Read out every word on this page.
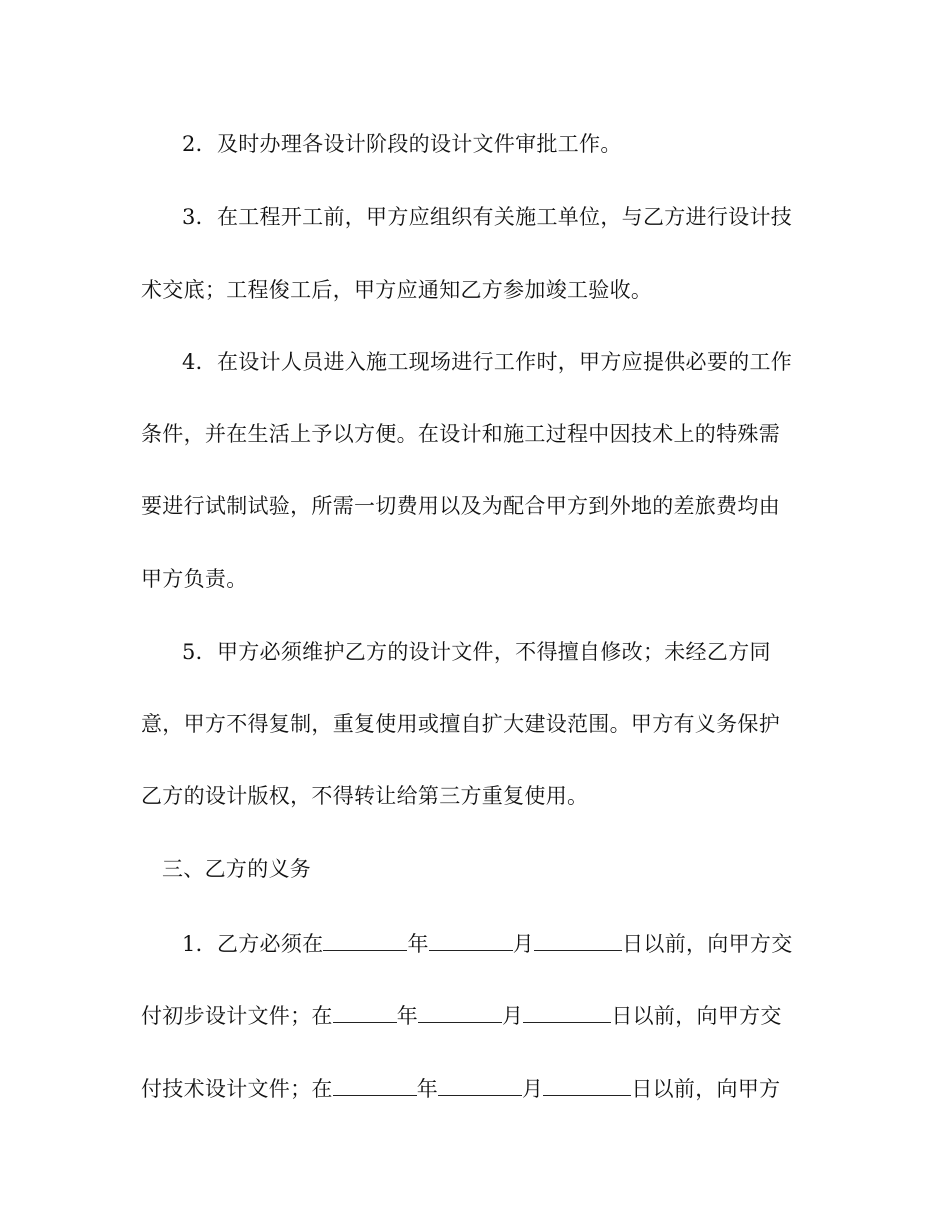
2．及时办理各设计阶段的设计文件审批工作。
3．在工程开工前，甲方应组织有关施工单位，与乙方进行设计技
术交底；工程俊工后，甲方应通知乙方参加竣工验收。
4．在设计人员进入施工现场进行工作时，甲方应提供必要的工作
条件，并在生活上予以方便。在设计和施工过程中因技术上的特殊需
要进行试制试验，所需一切费用以及为配合甲方到外地的差旅费均由
甲方负责。
5．甲方必须维护乙方的设计文件，不得擅自修改；未经乙方同
意，甲方不得复制，重复使用或擅自扩大建设范围。甲方有义务保护
乙方的设计版权，不得转让给第三方重复使用。
三、乙方的义务
1．乙方必须在	年	月	日以前，向甲方交
付初步设计文件；在	年	月	日以前，向甲方交
付技术设计文件；在	年	月	日以前，向甲方
